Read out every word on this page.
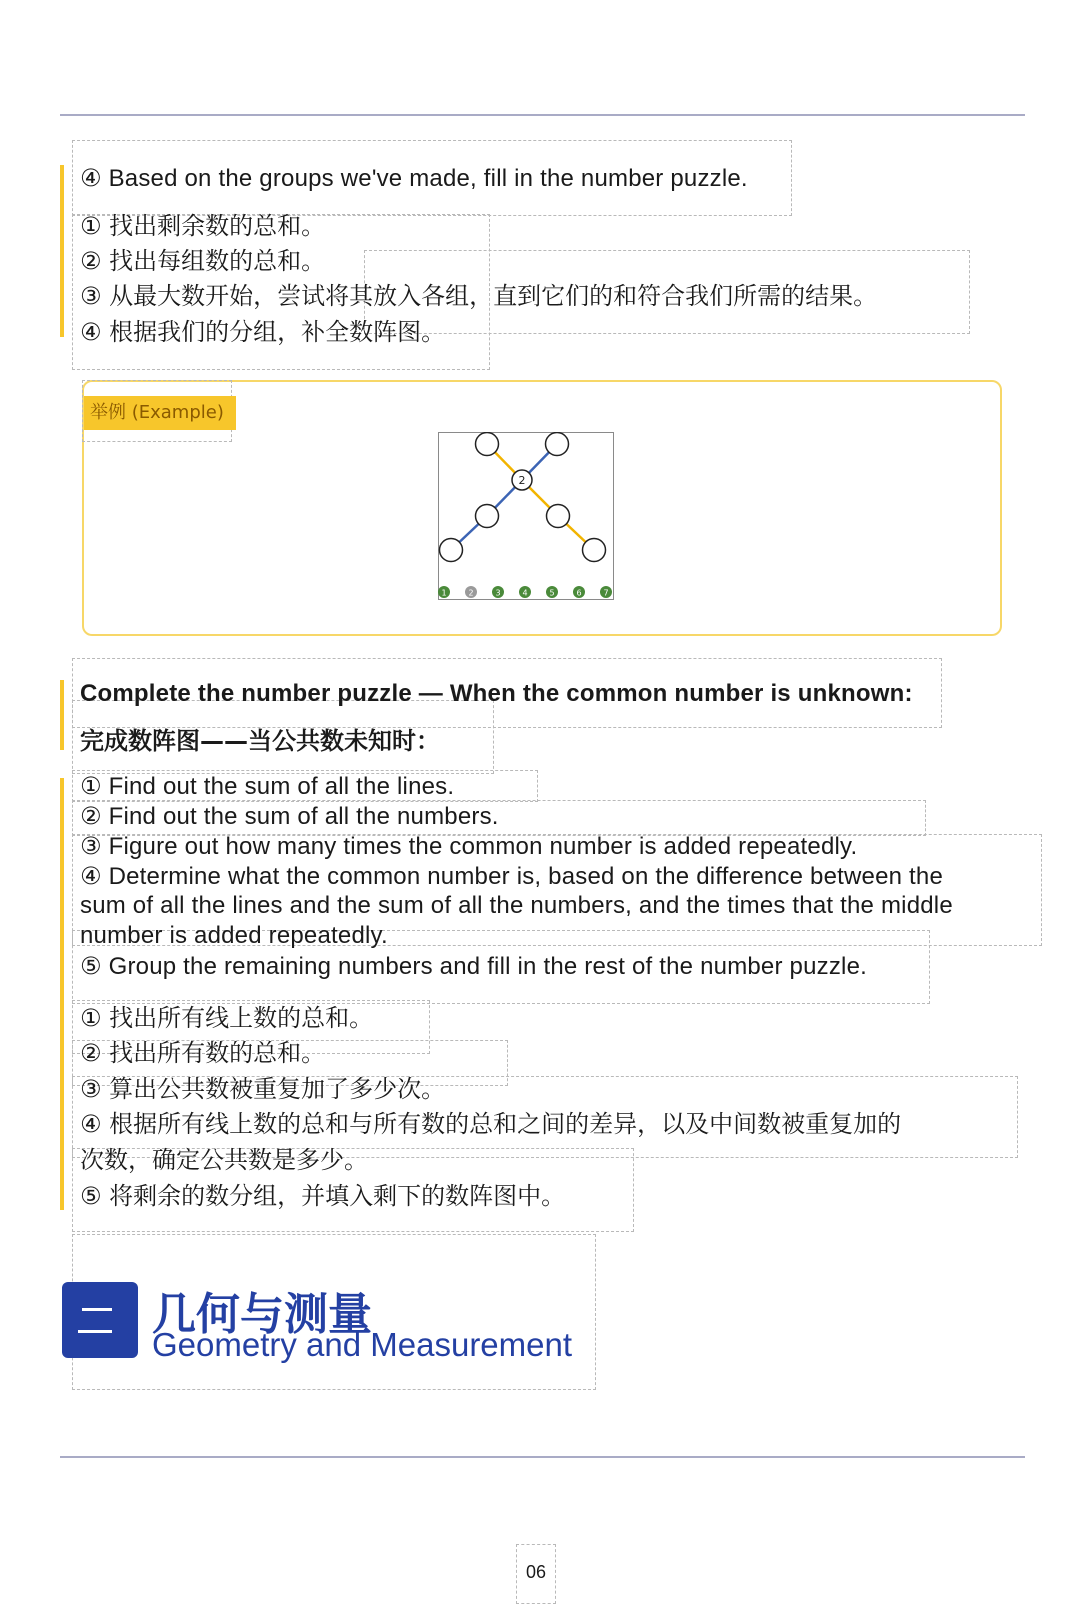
④ Based on the groups we've made, fill in the number puzzle.
① 找出剩余数的总和。
② 找出每组数的总和。
③ 从最大数开始，尝试将其放入各组，直到它们的和符合我们所需的结果。
④ 根据我们的分组，补全数阵图。
举例 (Example)
2
1	2	3	4	5	6	7
Complete the number puzzle — When the common number is unknown:
完成数阵图——当公共数未知时：
① Find out the sum of all the lines.
② Find out the sum of all the numbers.
③ Figure out how many times the common number is added repeatedly.
④ Determine what the common number is, based on the difference between the
sum of all the lines and the sum of all the numbers, and the times that the middle
number is added repeatedly.
⑤ Group the remaining numbers and fill in the rest of the number puzzle.
① 找出所有线上数的总和。
② 找出所有数的总和。
③ 算出公共数被重复加了多少次。
④ 根据所有线上数的总和与所有数的总和之间的差异，以及中间数被重复加的
次数，确定公共数是多少。
⑤ 将剩余的数分组，并填入剩下的数阵图中。
几何与测量
Geometry and Measurement
06
